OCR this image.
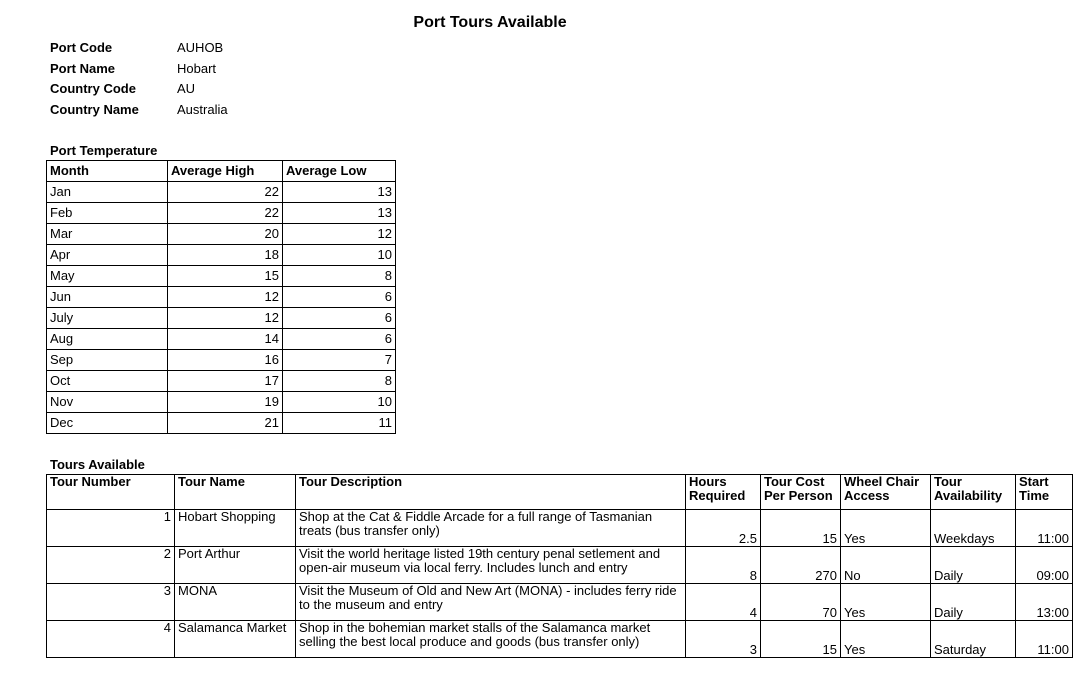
Port Tours Available
Port Code	AUHOB
Port Name	Hobart
Country Code	AU
Country Name	Australia
Port Temperature
Month	Average High	Average Low
Jan	22	13
Feb	22	13
Mar	20	12
Apr	18	10
May	15	8
Jun	12	6
July	12	6
Aug	14	6
Sep	16	7
Oct	17	8
Nov	19	10
Dec	21	11
Tours Available
Tour Number	Tour Name	Tour Description	Hours Required	Tour Cost Per Person	Wheel Chair Access	Tour Availability	Start Time
1	Hobart Shopping	Shop at the Cat & Fiddle Arcade for a full range of Tasmanian treats (bus transfer only)	2.5	15	Yes	Weekdays	11:00
2	Port Arthur	Visit the world heritage listed 19th century penal setlement and open-air museum via local ferry. Includes lunch and entry	8	270	No	Daily	09:00
3	MONA	Visit the Museum of Old and New Art (MONA) - includes ferry ride to the museum and entry	4	70	Yes	Daily	13:00
4	Salamanca Market	Shop in the bohemian market stalls of the Salamanca market selling the best local produce and goods (bus transfer only)	3	15	Yes	Saturday	11:00
